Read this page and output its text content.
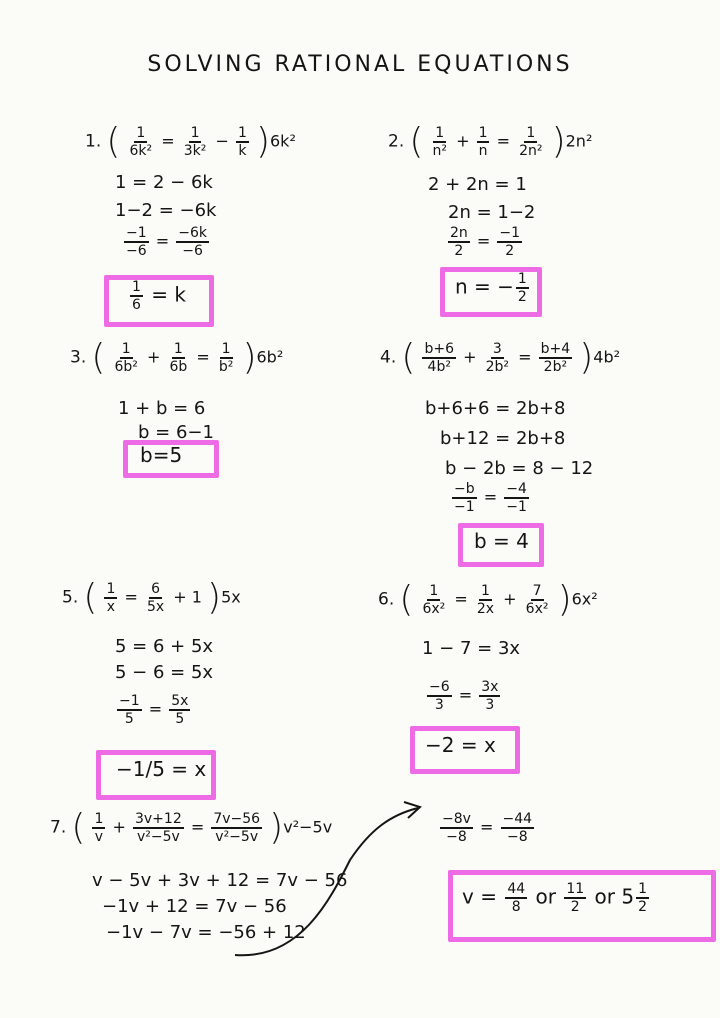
SOLVING RATIONAL EQUATIONS
1. ( $\frac{1}{\text{6k²}} = \frac{1}{\text{3k²}} - \frac{1}{k} )6k^2$
1 = 2 − 6k
1−2 = −6k
$\frac{-1}{-6} = \frac{-6k}{-6}$
$\frac{1}{6} = k$
2. ( $\frac{1}{\text{n²}} + \frac{1}{n} = \frac{1}{\text{2n²}} )2n^2$
2 + 2n = 1
2n = 1−2
$\frac{2n}{2} = \frac{-1}{2}$
n = − $\frac{1}{2}$
3. ( $\frac{1}{\text{6b²}} + \frac{1}{6b} = \frac{1}{\text{b²}} )6b^2$
1 + b = 6
b = 6−1
b=5
4. ( $\frac{b+6}{\text{4b²}} + \frac{3}{\text{2b²}} = \frac{b+4}{\text{2b²}} )4b^2$
b+6+6 = 2b+8
b+12 = 2b+8
b − 2b = 8 − 12
$\frac{-b}{-1} = \frac{-4}{-1}$
b = 4
5. ( $\frac{1}{x} = \frac{6}{5x} + 1$ )5x
5 = 6 + 5x
5 − 6 = 5x
$\frac{-1}{5} = \frac{5x}{5}$
−1/5 = x
6. ( $\frac{1}{\text{6x²}} = \frac{1}{2x} + \frac{7}{\text{6x²}} )6x^2$
1 − 7 = 3x
$\frac{-6}{3} = \frac{3x}{3}$
−2 = x
7. ( $\frac{1}{v} + \frac{3v+12}{\text{v²−5v}} = \frac{7v-56}{\text{v²−5v}} )v^2-5v$
v − 5v + 3v + 12 = 7v − 56
−1v + 12 = 7v − 56
−1v − 7v = −56 + 12
$\frac{-8v}{-8} = \frac{-44}{-8}$
$v = \frac{44}{8}$ or $\frac{11}{2}$ or $5 \frac{1}{2}$
